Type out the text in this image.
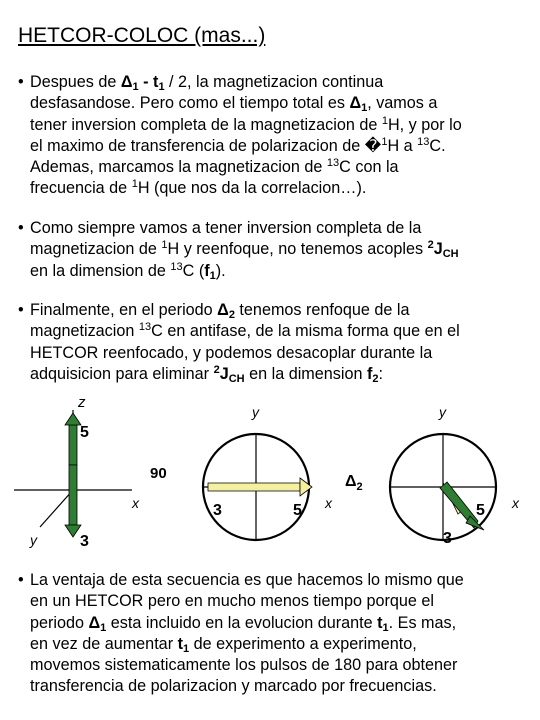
HETCOR-COLOC (mas...)
• Despues de $\Delta_1 - t_1 / 2$, la magnetizacion continua
desfasandose. Pero como el tiempo total es $\Delta_1$, vamos a
tener inversion completa de la magnetizacion de $^1$H, y por lo
el maximo de transferencia de polarizacion de �$^1$H a $^{13}$C.
Ademas, marcamos la magnetizacion de $^{13}$C con la
frecuencia de $^1$H (que nos da la correlacion…).
• Como siempre vamos a tener inversion completa de la
magnetizacion de $^1$H y reenfoque, no tenemos acoples $^2J_{CH}$
en la dimension de $^{13}$C $(f_1)$.
• Finalmente, en el periodo $\Delta_2$ tenemos renfoque de la
magnetizacion $^{13}$C en antifase, de la misma forma que en el
HETCOR reenfocado, y podemos desacoplar durante la
adquisicion para eliminar $^2J_{CH}$ en la dimension $f_2$:
z
x
y
5
3
y
90
3	5
y
$\Delta_2$
x	x
5
3
• La ventaja de esta secuencia es que hacemos lo mismo que
en un HETCOR pero en mucho menos tiempo porque el
periodo $\Delta_1$ esta incluido en la evolucion durante $t_1$. Es mas,
en vez de aumentar $t_1$ de experimento a experimento,
movemos sistematicamente los pulsos de 180 para obtener
transferencia de polarizacion y marcado por frecuencias.
